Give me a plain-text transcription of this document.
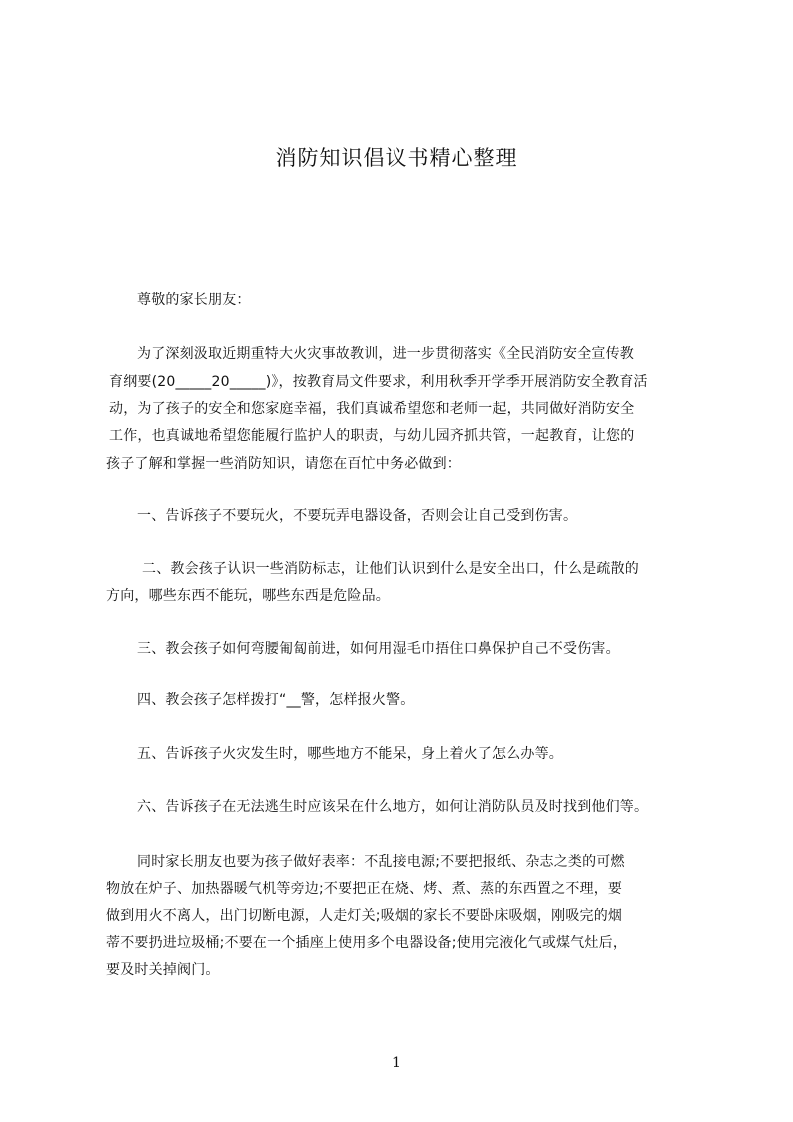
消防知识倡议书精心整理
尊敬的家长朋友：
为了深刻汲取近期重特大火灾事故教训，进一步贯彻落实《全民消防安全宣传教
育纲要(20_____20_____)》，按教育局文件要求，利用秋季开学季开展消防安全教育活
动，为了孩子的安全和您家庭幸福，我们真诚希望您和老师一起，共同做好消防安全
工作，也真诚地希望您能履行监护人的职责，与幼儿园齐抓共管，一起教育，让您的
孩子了解和掌握一些消防知识，请您在百忙中务必做到：
一、告诉孩子不要玩火，不要玩弄电器设备，否则会让自己受到伤害。
二、教会孩子认识一些消防标志，让他们认识到什么是安全出口，什么是疏散的
方向，哪些东西不能玩，哪些东西是危险品。
三、教会孩子如何弯腰匍匐前进，如何用湿毛巾捂住口鼻保护自己不受伤害。
四、教会孩子怎样拨打“__警，怎样报火警。
五、告诉孩子火灾发生时，哪些地方不能呆，身上着火了怎么办等。
六、告诉孩子在无法逃生时应该呆在什么地方，如何让消防队员及时找到他们等。
同时家长朋友也要为孩子做好表率：不乱接电源;不要把报纸、杂志之类的可燃
物放在炉子、加热器暖气机等旁边;不要把正在烧、烤、煮、蒸的东西置之不理，要
做到用火不离人，出门切断电源，人走灯关;吸烟的家长不要卧床吸烟，刚吸完的烟
蒂不要扔进垃圾桶;不要在一个插座上使用多个电器设备;使用完液化气或煤气灶后，
要及时关掉阀门。
1
